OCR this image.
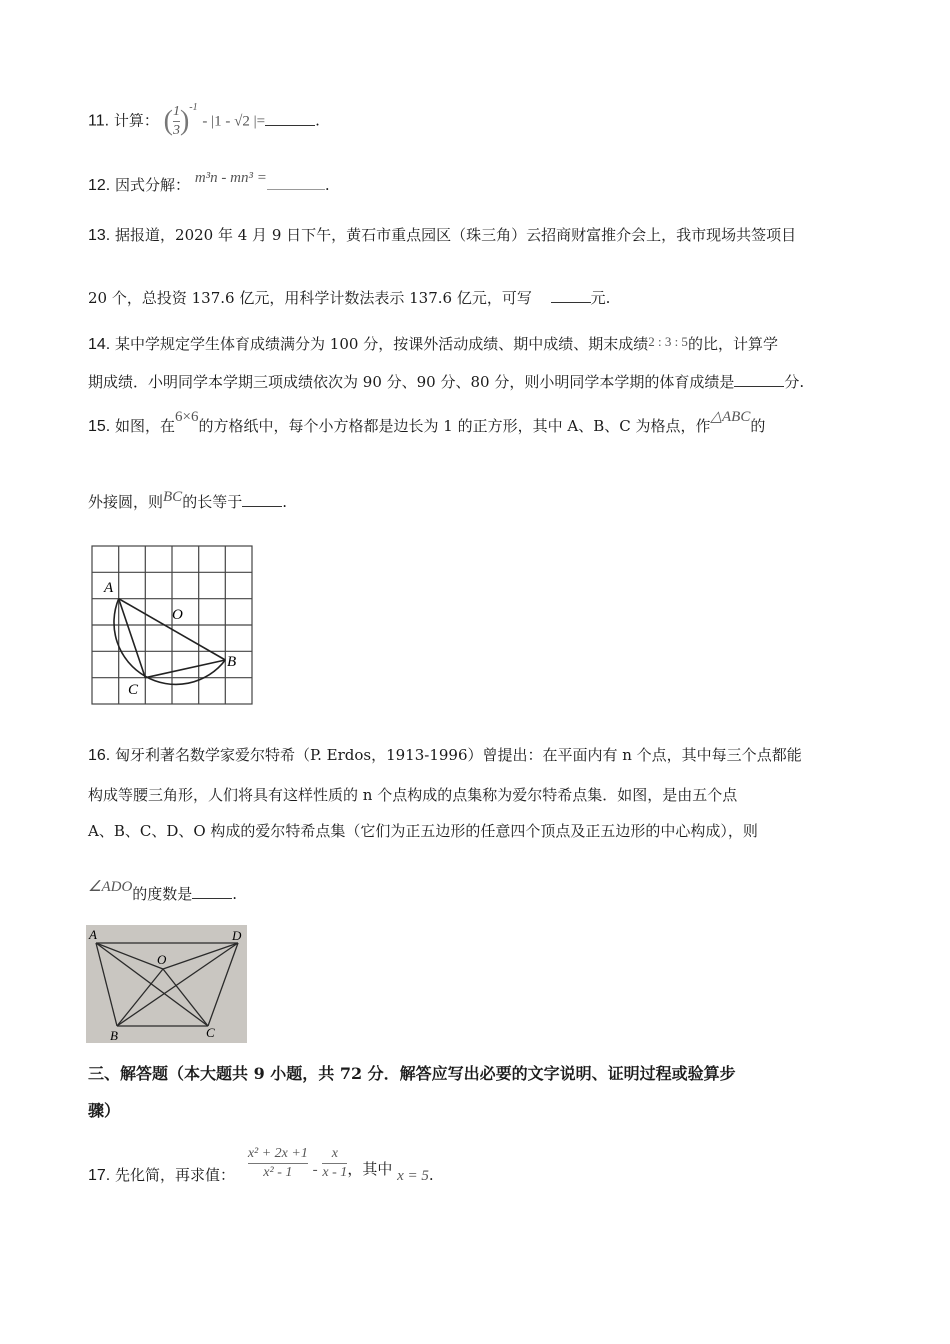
11. 计算： ( $\frac{1}{3} )^{-1} - |1 - √2$ |=	.
12. 因式分解： m³n - mn³ =	.
13. 据报道，2020 年 4 月 9 日下午，黄石市重点园区（珠三角）云招商财富推介会上，我市现场共签项目
20 个，总投资 137.6 亿元，用科学计数法表示 137.6 亿元，可写	元.
14. 某中学规定学生体育成绩满分为 100 分，按课外活动成绩、期中成绩、期末成绩2 : 3 : 5的比，计算学
期成绩．小明同学本学期三项成绩依次为 90 分、90 分、80 分，则小明同学本学期的体育成绩是	分.
15. 如图，在6×6的方格纸中，每个小方格都是边长为 1 的正方形，其中 A、B、C 为格点，作△ABC的
外接圆，则BC的长等于	.
A
O
B
C
16. 匈牙利著名数学家爱尔特希（P. Erdos，1913-1996）曾提出：在平面内有 n 个点，其中每三个点都能
构成等腰三角形，人们将具有这样性质的 n 个点构成的点集称为爱尔特希点集．如图，是由五个点
A、B、C、D、O 构成的爱尔特希点集（它们为正五边形的任意四个顶点及正五边形的中心构成），则
∠ADO的度数是	.
A	D
O
B	C
三、解答题（本大题共 9 小题，共 72 分．解答应写出必要的文字说明、证明过程或验算步
骤）
17. 先化简，再求值： $\frac{\text{x² + 2x +1}}{\text{x² - 1}} - \frac{x}{x - 1}$ ，其中 x = 5.
